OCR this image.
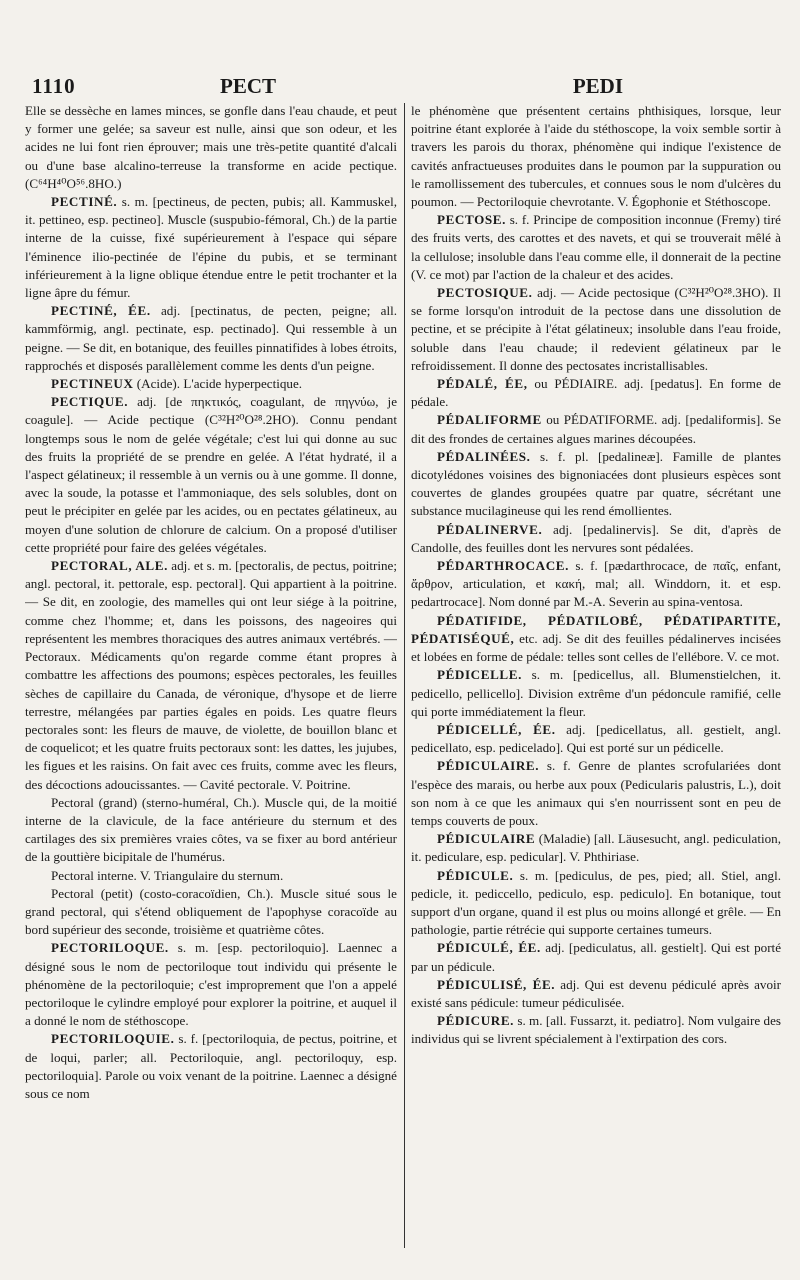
1110	PECT	PEDI

Elle se dessèche en lames minces, se gonfle dans l'eau chaude, et peut y former une gelée; sa saveur est nulle, ainsi que son odeur, et les acides ne lui font rien éprouver; mais une très-petite quantité d'alcali ou d'une base alcalino-terreuse la transforme en acide pectique. (C⁶⁴H⁴⁰O⁵⁶.8HO.)

PECTINÉ. s. m. [pectineus, de pecten, pubis; all. Kammuskel, it. pettineo, esp. pectineo]. Muscle (suspubio-fémoral, Ch.) de la partie interne de la cuisse, fixé supérieurement à l'espace qui sépare l'éminence ilio-pectinée de l'épine du pubis, et se terminant inférieurement à la ligne oblique étendue entre le petit trochanter et la ligne âpre du fémur.

PECTINÉ, ÉE. adj. [pectinatus, de pecten, peigne; all. kammförmig, angl. pectinate, esp. pectinado]. Qui ressemble à un peigne. — Se dit, en botanique, des feuilles pinnatifides à lobes étroits, rapprochés et disposés parallèlement comme les dents d'un peigne.

PECTINEUX (Acide). L'acide hyperpectique.

PECTIQUE. adj. [de πηκτικός, coagulant, de πηγνύω, je coagule]. — Acide pectique (C³²H²⁰O²⁸.2HO). Connu pendant longtemps sous le nom de gelée végétale; c'est lui qui donne au suc des fruits la propriété de se prendre en gelée. A l'état hydraté, il a l'aspect gélatineux; il ressemble à un vernis ou à une gomme. Il donne, avec la soude, la potasse et l'ammoniaque, des sels solubles, dont on peut le précipiter en gelée par les acides, ou en pectates gélatineux, au moyen d'une solution de chlorure de calcium. On a proposé d'utiliser cette propriété pour faire des gelées végétales.

PECTORAL, ALE. adj. et s. m. [pectoralis, de pectus, poitrine; angl. pectoral, it. pettorale, esp. pectoral]. Qui appartient à la poitrine. — Se dit, en zoologie, des mamelles qui ont leur siége à la poitrine, comme chez l'homme; et, dans les poissons, des nageoires qui représentent les membres thoraciques des autres animaux vertébrés. — Pectoraux. Médicaments qu'on regarde comme étant propres à combattre les affections des poumons; espèces pectorales, les feuilles sèches de capillaire du Canada, de véronique, d'hysope et de lierre terrestre, mélangées par parties égales en poids. Les quatre fleurs pectorales sont: les fleurs de mauve, de violette, de bouillon blanc et de coquelicot; et les quatre fruits pectoraux sont: les dattes, les jujubes, les figues et les raisins. On fait avec ces fruits, comme avec les fleurs, des décoctions adoucissantes. — Cavité pectorale. V. Poitrine.

Pectoral (grand) (sterno-huméral, Ch.). Muscle qui, de la moitié interne de la clavicule, de la face antérieure du sternum et des cartilages des six premières vraies côtes, va se fixer au bord antérieur de la gouttière bicipitale de l'humérus.

Pectoral interne. V. Triangulaire du sternum.

Pectoral (petit) (costo-coracoïdien, Ch.). Muscle situé sous le grand pectoral, qui s'étend obliquement de l'apophyse coracoïde au bord supérieur des seconde, troisième et quatrième côtes.

PECTORILOQUE. s. m. [esp. pectoriloquio]. Laennec a désigné sous le nom de pectoriloque tout individu qui présente le phénomène de la pectoriloquie; c'est improprement que l'on a appelé pectoriloque le cylindre employé pour explorer la poitrine, et auquel il a donné le nom de stéthoscope.

PECTORILOQUIE. s. f. [pectoriloquia, de pectus, poitrine, et de loqui, parler; all. Pectoriloquie, angl. pectoriloquy, esp. pectoriloquia]. Parole ou voix venant de la poitrine. Laennec a désigné sous ce nom

le phénomène que présentent certains phthisiques, lorsque, leur poitrine étant explorée à l'aide du stéthoscope, la voix semble sortir à travers les parois du thorax, phénomène qui indique l'existence de cavités anfractueuses produites dans le poumon par la suppuration ou le ramollissement des tubercules, et connues sous le nom d'ulcères du poumon. — Pectoriloquie chevrotante. V. Égophonie et Stéthoscope.

PECTOSE. s. f. Principe de composition inconnue (Fremy) tiré des fruits verts, des carottes et des navets, et qui se trouverait mêlé à la cellulose; insoluble dans l'eau comme elle, il donnerait de la pectine (V. ce mot) par l'action de la chaleur et des acides.

PECTOSIQUE. adj. — Acide pectosique (C³²H²⁰O²⁸.3HO). Il se forme lorsqu'on introduit de la pectose dans une dissolution de pectine, et se précipite à l'état gélatineux; insoluble dans l'eau froide, soluble dans l'eau chaude; il redevient gélatineux par le refroidissement. Il donne des pectosates incristallisables.

PÉDALÉ, ÉE, ou PÉDIAIRE. adj. [pedatus]. En forme de pédale.

PÉDALIFORME ou PÉDATIFORME. adj. [pedaliformis]. Se dit des frondes de certaines algues marines découpées.

PÉDALINÉES. s. f. pl. [pedalineæ]. Famille de plantes dicotylédones voisines des bignoniacées dont plusieurs espèces sont couvertes de glandes groupées quatre par quatre, sécrétant une substance mucilagineuse qui les rend émollientes.

PÉDALINERVE. adj. [pedalinervis]. Se dit, d'après de Candolle, des feuilles dont les nervures sont pédalées.

PÉDARTHROCACE. s. f. [pædarthrocace, de παῖς, enfant, ἄρθρον, articulation, et κακή, mal; all. Winddorn, it. et esp. pedartrocace]. Nom donné par M.-A. Severin au spina-ventosa.

PÉDATIFIDE, PÉDATILOBÉ, PÉDATIPARTITE, PÉDATISÉQUÉ, etc. adj. Se dit des feuilles pédalinerves incisées et lobées en forme de pédale: telles sont celles de l'ellébore. V. ce mot.

PÉDICELLE. s. m. [pedicellus, all. Blumenstielchen, it. pedicello, pellicello]. Division extrême d'un pédoncule ramifié, celle qui porte immédiatement la fleur.

PÉDICELLÉ, ÉE. adj. [pedicellatus, all. gestielt, angl. pedicellato, esp. pedicelado]. Qui est porté sur un pédicelle.

PÉDICULAIRE. s. f. Genre de plantes scrofulariées dont l'espèce des marais, ou herbe aux poux (Pedicularis palustris, L.), doit son nom à ce que les animaux qui s'en nourrissent sont en peu de temps couverts de poux.

PÉDICULAIRE (Maladie) [all. Läusesucht, angl. pediculation, it. pediculare, esp. pedicular]. V. Phthiriase.

PÉDICULE. s. m. [pediculus, de pes, pied; all. Stiel, angl. pedicle, it. pediccello, pediculo, esp. pediculo]. En botanique, tout support d'un organe, quand il est plus ou moins allongé et grêle. — En pathologie, partie rétrécie qui supporte certaines tumeurs.

PÉDICULÉ, ÉE. adj. [pediculatus, all. gestielt]. Qui est porté par un pédicule.

PÉDICULISÉ, ÉE. adj. Qui est devenu pédiculé après avoir existé sans pédicule: tumeur pédiculisée.

PÉDICURE. s. m. [all. Fussarzt, it. pediatro]. Nom vulgaire des individus qui se livrent spécialement à l'extirpation des cors.
